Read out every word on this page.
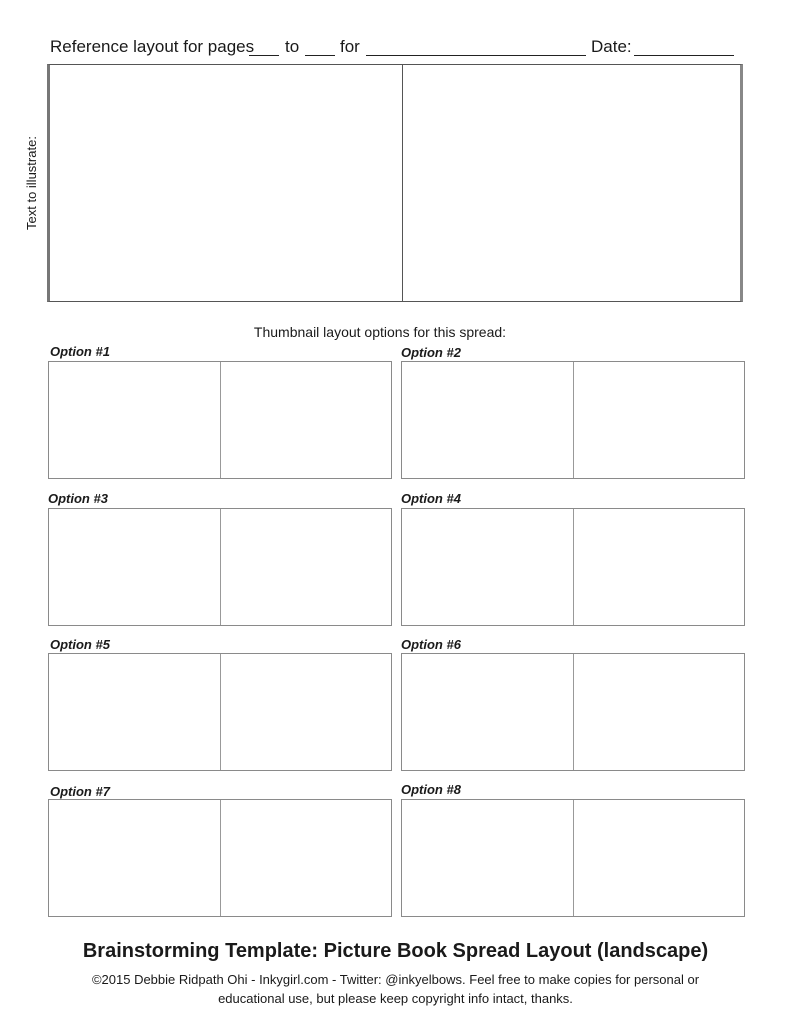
Reference layout for pages to for	Date:
Text to illustrate:
Thumbnail layout options for this spread:
Option #1	Option #2
Option #3	Option #4
Option #5	Option #6
Option #7	Option #8
Brainstorming Template: Picture Book Spread Layout (landscape)
©2015 Debbie Ridpath Ohi - Inkygirl.com - Twitter: @inkyelbows. Feel free to make copies for personal or
educational use, but please keep copyright info intact, thanks.
